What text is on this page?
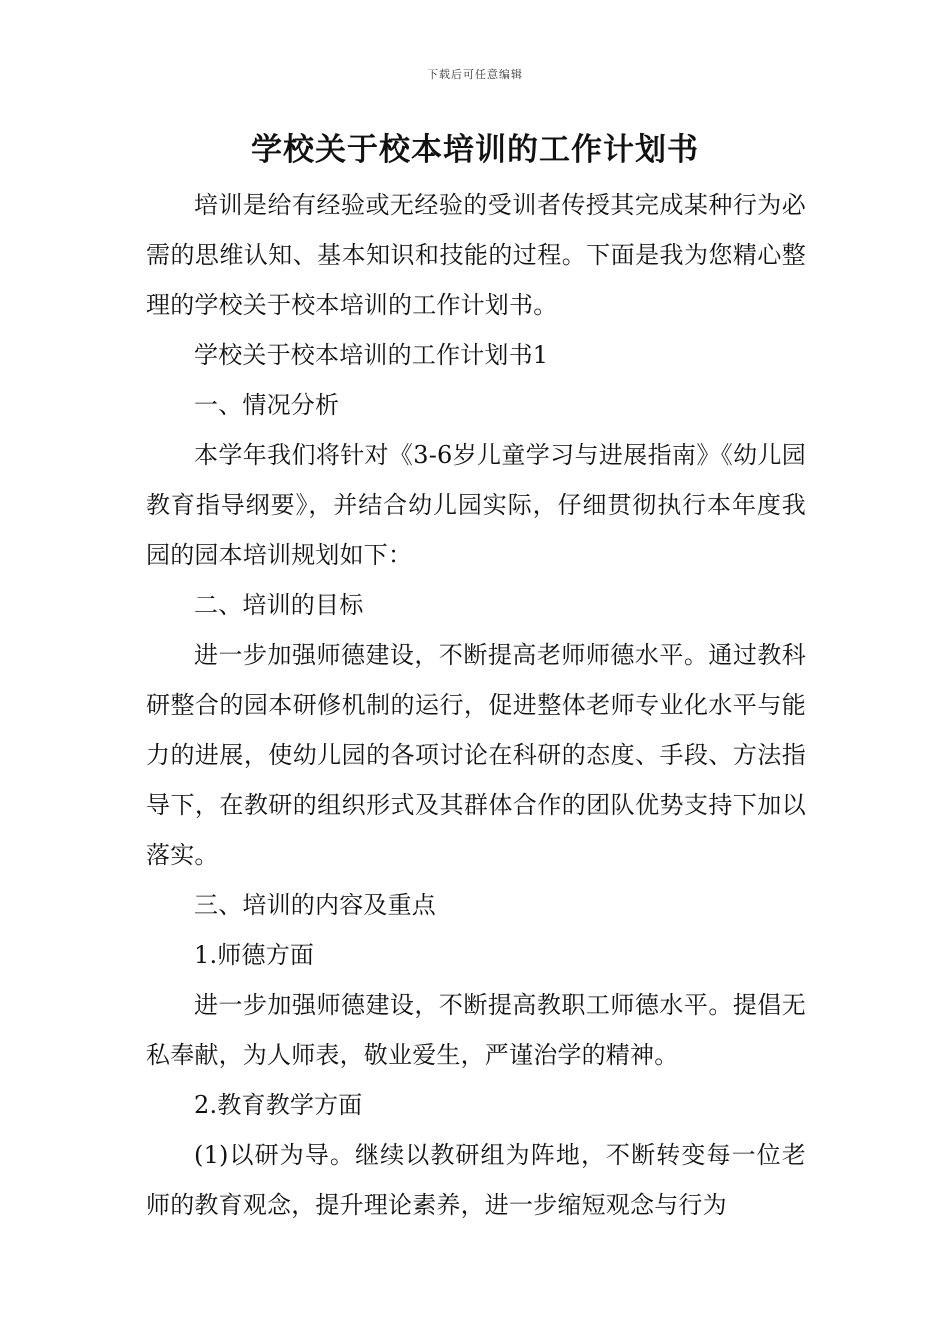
下载后可任意编辑
学校关于校本培训的工作计划书

培训是给有经验或无经验的受训者传授其完成某种行为必需的思维认知、基本知识和技能的过程。下面是我为您精心整理的学校关于校本培训的工作计划书。

学校关于校本培训的工作计划书1

一、情况分析

本学年我们将针对《3-6岁儿童学习与进展指南》《幼儿园教育指导纲要》，并结合幼儿园实际，仔细贯彻执行本年度我园的园本培训规划如下：

二、培训的目标

进一步加强师德建设，不断提高老师师德水平。通过教科研整合的园本研修机制的运行，促进整体老师专业化水平与能力的进展，使幼儿园的各项讨论在科研的态度、手段、方法指导下，在教研的组织形式及其群体合作的团队优势支持下加以落实。

三、培训的内容及重点

1.师德方面

进一步加强师德建设，不断提高教职工师德水平。提倡无私奉献，为人师表，敬业爱生，严谨治学的精神。

2.教育教学方面

(1)以研为导。继续以教研组为阵地，不断转变每一位老师的教育观念，提升理论素养，进一步缩短观念与行为
